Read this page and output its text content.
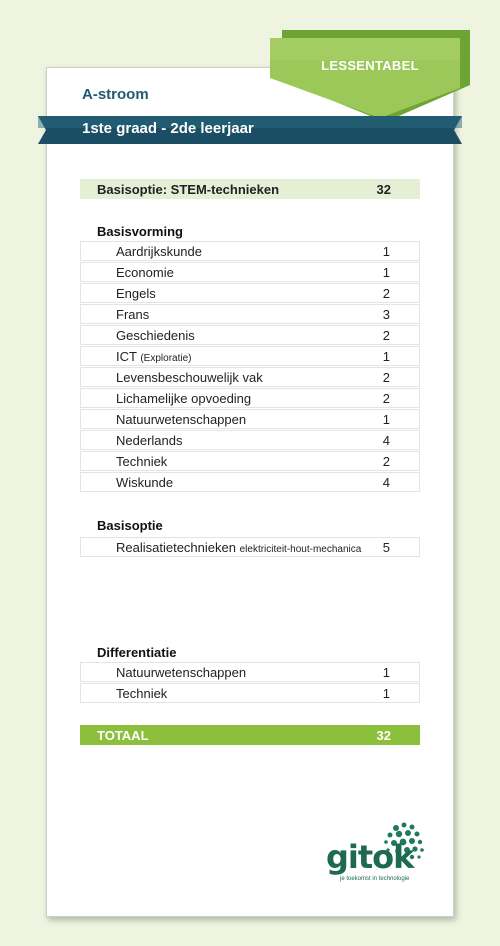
LESSENTABEL
A-stroom
1ste graad - 2de leerjaar
Basisoptie: STEM-technieken	32
Basisvorming
Aardrijkskunde	1
Economie	1
Engels	2
Frans	3
Geschiedenis	2
ICT (Exploratie)	1
Levensbeschouwelijk vak	2
Lichamelijke opvoeding	2
Natuurwetenschappen	1
Nederlands	4
Techniek	2
Wiskunde	4
Basisoptie
Realisatietechnieken elektriciteit-hout-mechanica 5
Differentiatie
Natuurwetenschappen	1
Techniek	1
TOTAAL	32
gitok
je toekomst in technologie
